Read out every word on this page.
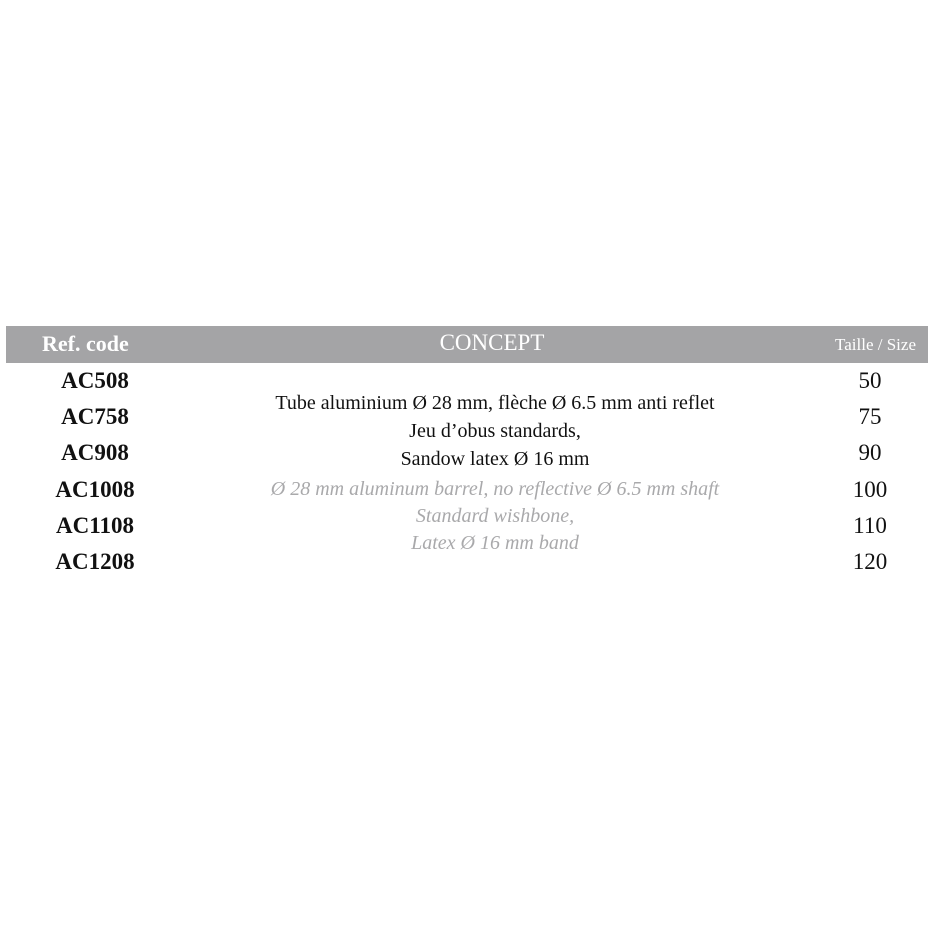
Ref. code	CONCEPT	Taille / Size
AC508
AC758
AC908
AC1008
AC1108
AC1208
Tube aluminium Ø 28 mm, flèche Ø 6.5 mm anti reflet
Jeu d’obus standards,
Sandow latex Ø 16 mm
Ø 28 mm aluminum barrel, no reflective Ø 6.5 mm shaft
Standard wishbone,
Latex Ø 16 mm band
50
75
90
100
110
120
